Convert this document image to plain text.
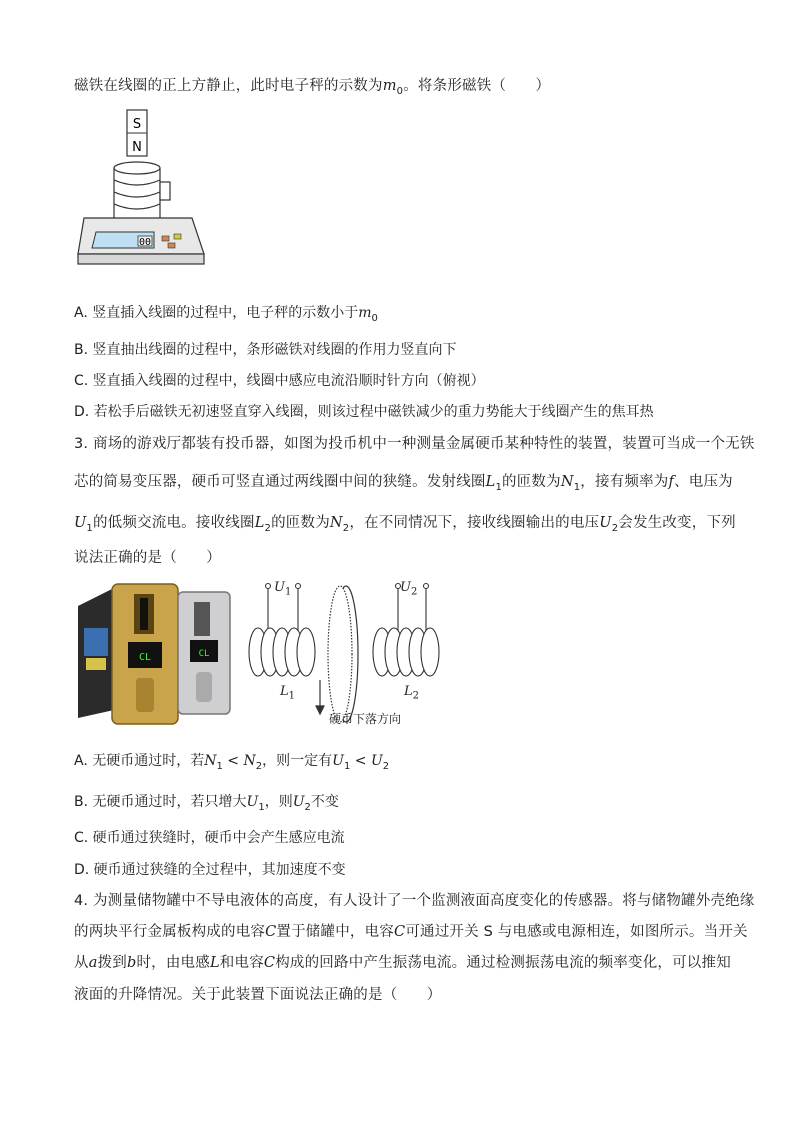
磁铁在线圈的正上方静止，此时电子秤的示数为$m_0$。将条形磁铁（　　）
S
N
00
A. 竖直插入线圈的过程中，电子秤的示数小于$m_0$
B. 竖直抽出线圈的过程中，条形磁铁对线圈的作用力竖直向下
C. 竖直插入线圈的过程中，线圈中感应电流沿顺时针方向（俯视）
D. 若松手后磁铁无初速竖直穿入线圈，则该过程中磁铁减少的重力势能大于线圈产生的焦耳热
3. 商场的游戏厅都装有投币器，如图为投币机中一种测量金属硬币某种特性的装置，装置可当成一个无铁
芯的简易变压器，硬币可竖直通过两线圈中间的狭缝。发射线圈$L_1$的匝数为$N_1$，接有频率为f、电压为
$U_1$的低频交流电。接收线圈$L_2$的匝数为$N_2$，在不同情况下，接收线圈输出的电压$U_2$会发生改变，下列
说法正确的是（　　）
CL	CL
$U_1$	$U_2$
$L_1$	$L_2$
硬币下落方向
A. 无硬币通过时，若$N_1 < N_2$，则一定有$U_1 < U_2$
B. 无硬币通过时，若只增大$U_1$，则$U_2$不变
C. 硬币通过狭缝时，硬币中会产生感应电流
D. 硬币通过狭缝的全过程中，其加速度不变
4. 为测量储物罐中不导电液体的高度，有人设计了一个监测液面高度变化的传感器。将与储物罐外壳绝缘
的两块平行金属板构成的电容C置于储罐中，电容C可通过开关 S 与电感或电源相连，如图所示。当开关
从a拨到b时，由电感L和电容C构成的回路中产生振荡电流。通过检测振荡电流的频率变化，可以推知
液面的升降情况。关于此装置下面说法正确的是（　　）
